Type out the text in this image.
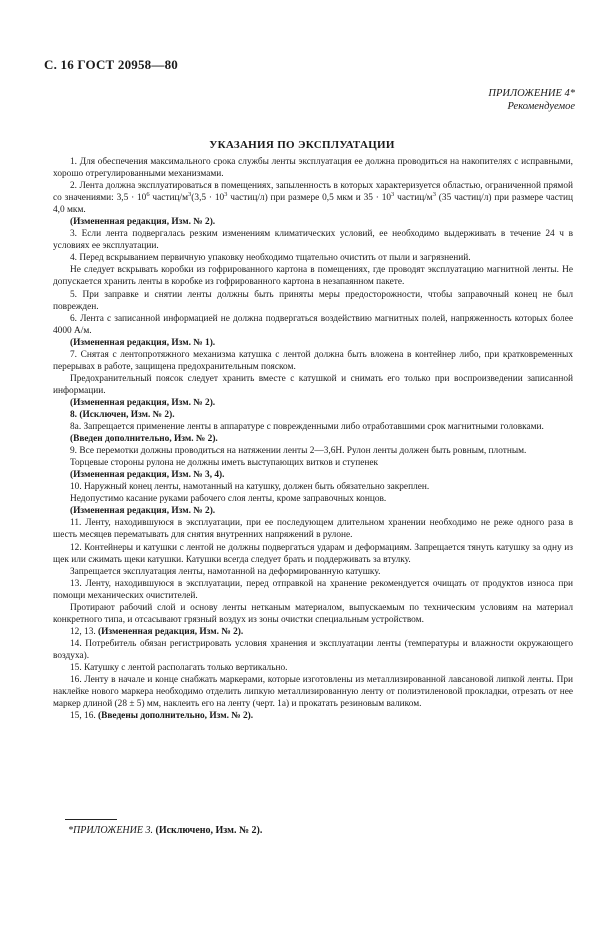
С. 16 ГОСТ 20958—80
ПРИЛОЖЕНИЕ 4*
Рекомендуемое
УКАЗАНИЯ ПО ЭКСПЛУАТАЦИИ

1. Для обеспечения максимального срока службы ленты эксплуатация ее должна проводиться на накопителях с исправными, хорошо отрегулированными механизмами.

2. Лента должна эксплуатироваться в помещениях, запыленность в которых характеризуется областью, ограниченной прямой со значениями: $3,5 \cdot 10^6$ частиц/$м^3(3,5 \cdot 10^3$ частиц/л) при размере 0,5 мкм и $35 \cdot 10^3$ частиц/$м^3$ (35 частиц/л) при размере частиц 4,0 мкм.

(Измененная редакция, Изм. № 2).

3. Если лента подвергалась резким изменениям климатических условий, ее необходимо выдерживать в течение 24 ч в условиях ее эксплуатации.

4. Перед вскрыванием первичную упаковку необходимо тщательно очистить от пыли и загрязнений.

Не следует вскрывать коробки из гофрированного картона в помещениях, где проводят эксплуатацию магнитной ленты. Не допускается хранить ленты в коробке из гофрированного картона в незапаянном пакете.

5. При заправке и снятии ленты должны быть приняты меры предосторожности, чтобы заправочный конец не был поврежден.

6. Лента с записанной информацией не должна подвергаться воздействию магнитных полей, напряженность которых более 4000 А/м.

(Измененная редакция, Изм. № 1).

7. Снятая с лентопротяжного механизма катушка с лентой должна быть вложена в контейнер либо, при кратковременных перерывах в работе, защищена предохранительным пояском.

Предохранительный поясок следует хранить вместе с катушкой и снимать его только при воспроизведении записанной информации.

(Измененная редакция, Изм. № 2).

8. (Исключен, Изм. № 2).

8а. Запрещается применение ленты в аппаратуре с поврежденными либо отработавшими срок магнитными головками.

(Введен дополнительно, Изм. № 2).

9. Все перемотки должны проводиться на натяжении ленты 2—3,6Н. Рулон ленты должен быть ровным, плотным.

Торцевые стороны рулона не должны иметь выступающих витков и ступенек

(Измененная редакция, Изм. № 3, 4).

10. Наружный конец ленты, намотанный на катушку, должен быть обязательно закреплен.

Недопустимо касание руками рабочего слоя ленты, кроме заправочных концов.

(Измененная редакция, Изм. № 2).

11. Ленту, находившуюся в эксплуатации, при ее последующем длительном хранении необходимо не реже одного раза в шесть месяцев перематывать для снятия внутренних напряжений в рулоне.

12. Контейнеры и катушки с лентой не должны подвергаться ударам и деформациям. Запрещается тянуть катушку за одну из щек или сжимать щеки катушки. Катушки всегда следует брать и поддерживать за втулку.

Запрещается эксплуатация ленты, намотанной на деформированную катушку.

13. Ленту, находившуюся в эксплуатации, перед отправкой на хранение рекомендуется очищать от продуктов износа при помощи механических очистителей.

Протирают рабочий слой и основу ленты нетканым материалом, выпускаемым по техническим условиям на материал конкретного типа, и отсасывают грязный воздух из зоны очистки специальным устройством.

12, 13. (Измененная редакция, Изм. № 2).

14. Потребитель обязан регистрировать условия хранения и эксплуатации ленты (температуры и влажности окружающего воздуха).

15. Катушку с лентой располагать только вертикально.

16. Ленту в начале и конце снабжать маркерами, которые изготовлены из металлизированной лавсановой липкой ленты. При наклейке нового маркера необходимо отделить липкую металлизированную ленту от полиэтиленовой прокладки, отрезать от нее маркер длиной (28 ± 5) мм, наклеить его на ленту (черт. 1а) и прокатать резиновым валиком.

15, 16. (Введены дополнительно, Изм. № 2).

*ПРИЛОЖЕНИЕ 3. (Исключено, Изм. № 2).
